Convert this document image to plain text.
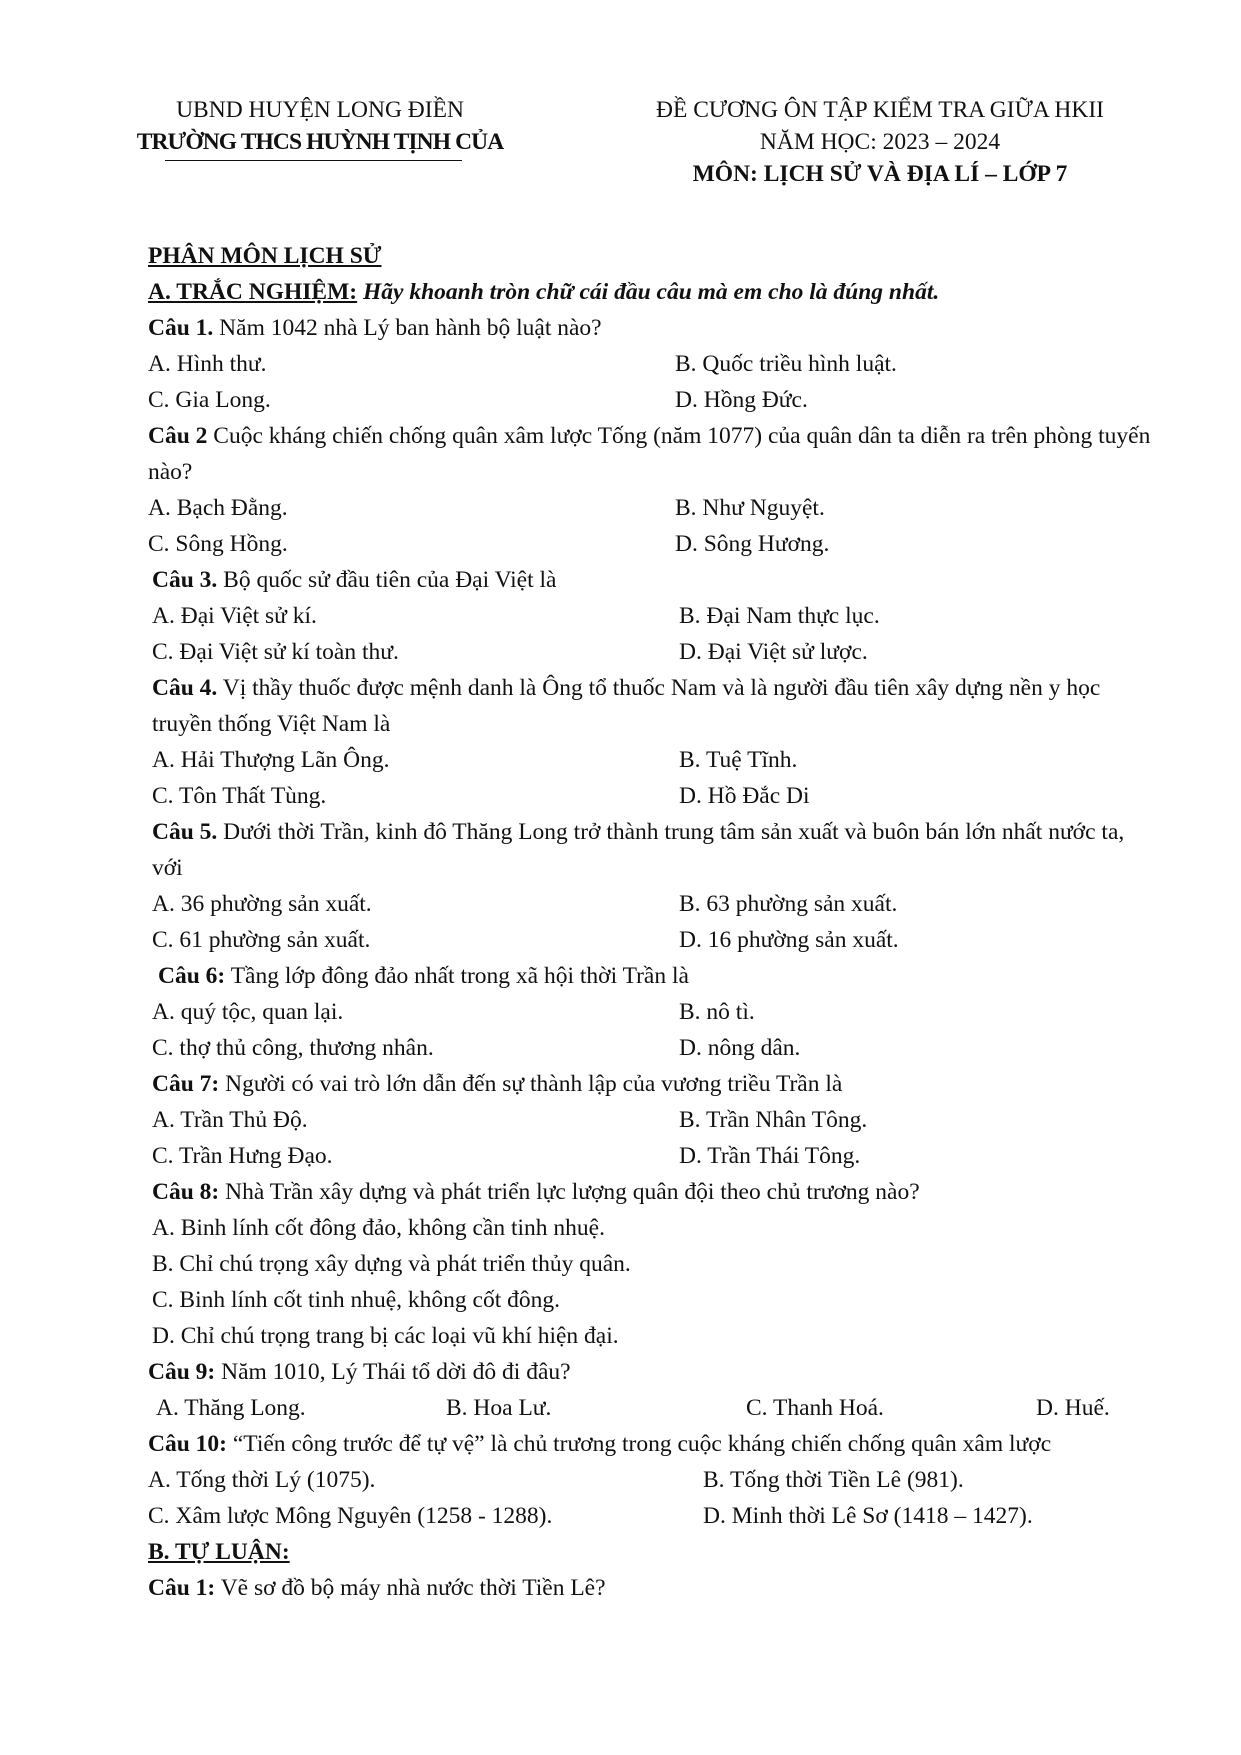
UBND HUYỆN LONG ĐIỀN
TRƯỜNG THCS HUỲNH TỊNH CỦA
ĐỀ CƯƠNG ÔN TẬP KIỂM TRA GIỮA HKII
NĂM HỌC: 2023 – 2024
MÔN: LỊCH SỬ VÀ ĐỊA LÍ – LỚP 7
PHÂN MÔN LỊCH SỬ
A. TRẮC NGHIỆM: Hãy khoanh tròn chữ cái đầu câu mà em cho là đúng nhất.
Câu 1. Năm 1042 nhà Lý ban hành bộ luật nào?
A. Hình thư.	B. Quốc triều hình luật.
C. Gia Long.	D. Hồng Đức.
Câu 2 Cuộc kháng chiến chống quân xâm lược Tống (năm 1077) của quân dân ta diễn ra trên phòng tuyến nào?
A. Bạch Đằng.	B. Như Nguyệt.
C. Sông Hồng.	D. Sông Hương.
Câu 3. Bộ quốc sử đầu tiên của Đại Việt là
A. Đại Việt sử kí.	B. Đại Nam thực lục.
C. Đại Việt sử kí toàn thư.	D. Đại Việt sử lược.
Câu 4. Vị thầy thuốc được mệnh danh là Ông tổ thuốc Nam và là người đầu tiên xây dựng nền y học truyền thống Việt Nam là
A. Hải Thượng Lãn Ông.	B. Tuệ Tĩnh.
C. Tôn Thất Tùng.	D. Hồ Đắc Di
Câu 5. Dưới thời Trần, kinh đô Thăng Long trở thành trung tâm sản xuất và buôn bán lớn nhất nước ta, với
A. 36 phường sản xuất.	B. 63 phường sản xuất.
C. 61 phường sản xuất.	D. 16 phường sản xuất.
Câu 6: Tầng lớp đông đảo nhất trong xã hội thời Trần là
A. quý tộc, quan lại.	B. nô tì.
C. thợ thủ công, thương nhân.	D. nông dân.
Câu 7: Người có vai trò lớn dẫn đến sự thành lập của vương triều Trần là
A. Trần Thủ Độ.	B. Trần Nhân Tông.
C. Trần Hưng Đạo.	D. Trần Thái Tông.
Câu 8: Nhà Trần xây dựng và phát triển lực lượng quân đội theo chủ trương nào?
A. Binh lính cốt đông đảo, không cần tinh nhuệ.
B. Chỉ chú trọng xây dựng và phát triển thủy quân.
C. Binh lính cốt tinh nhuệ, không cốt đông.
D. Chỉ chú trọng trang bị các loại vũ khí hiện đại.
Câu 9: Năm 1010, Lý Thái tổ dời đô đi đâu?
A. Thăng Long.	B. Hoa Lư.	C. Thanh Hoá.	D. Huế.
Câu 10: “Tiến công trước để tự vệ” là chủ trương trong cuộc kháng chiến chống quân xâm lược
A. Tống thời Lý (1075).	B. Tống thời Tiền Lê (981).
C. Xâm lược Mông Nguyên (1258 - 1288).	D. Minh thời Lê Sơ (1418 – 1427).
B. TỰ LUẬN:
Câu 1: Vẽ sơ đồ bộ máy nhà nước thời Tiền Lê?
